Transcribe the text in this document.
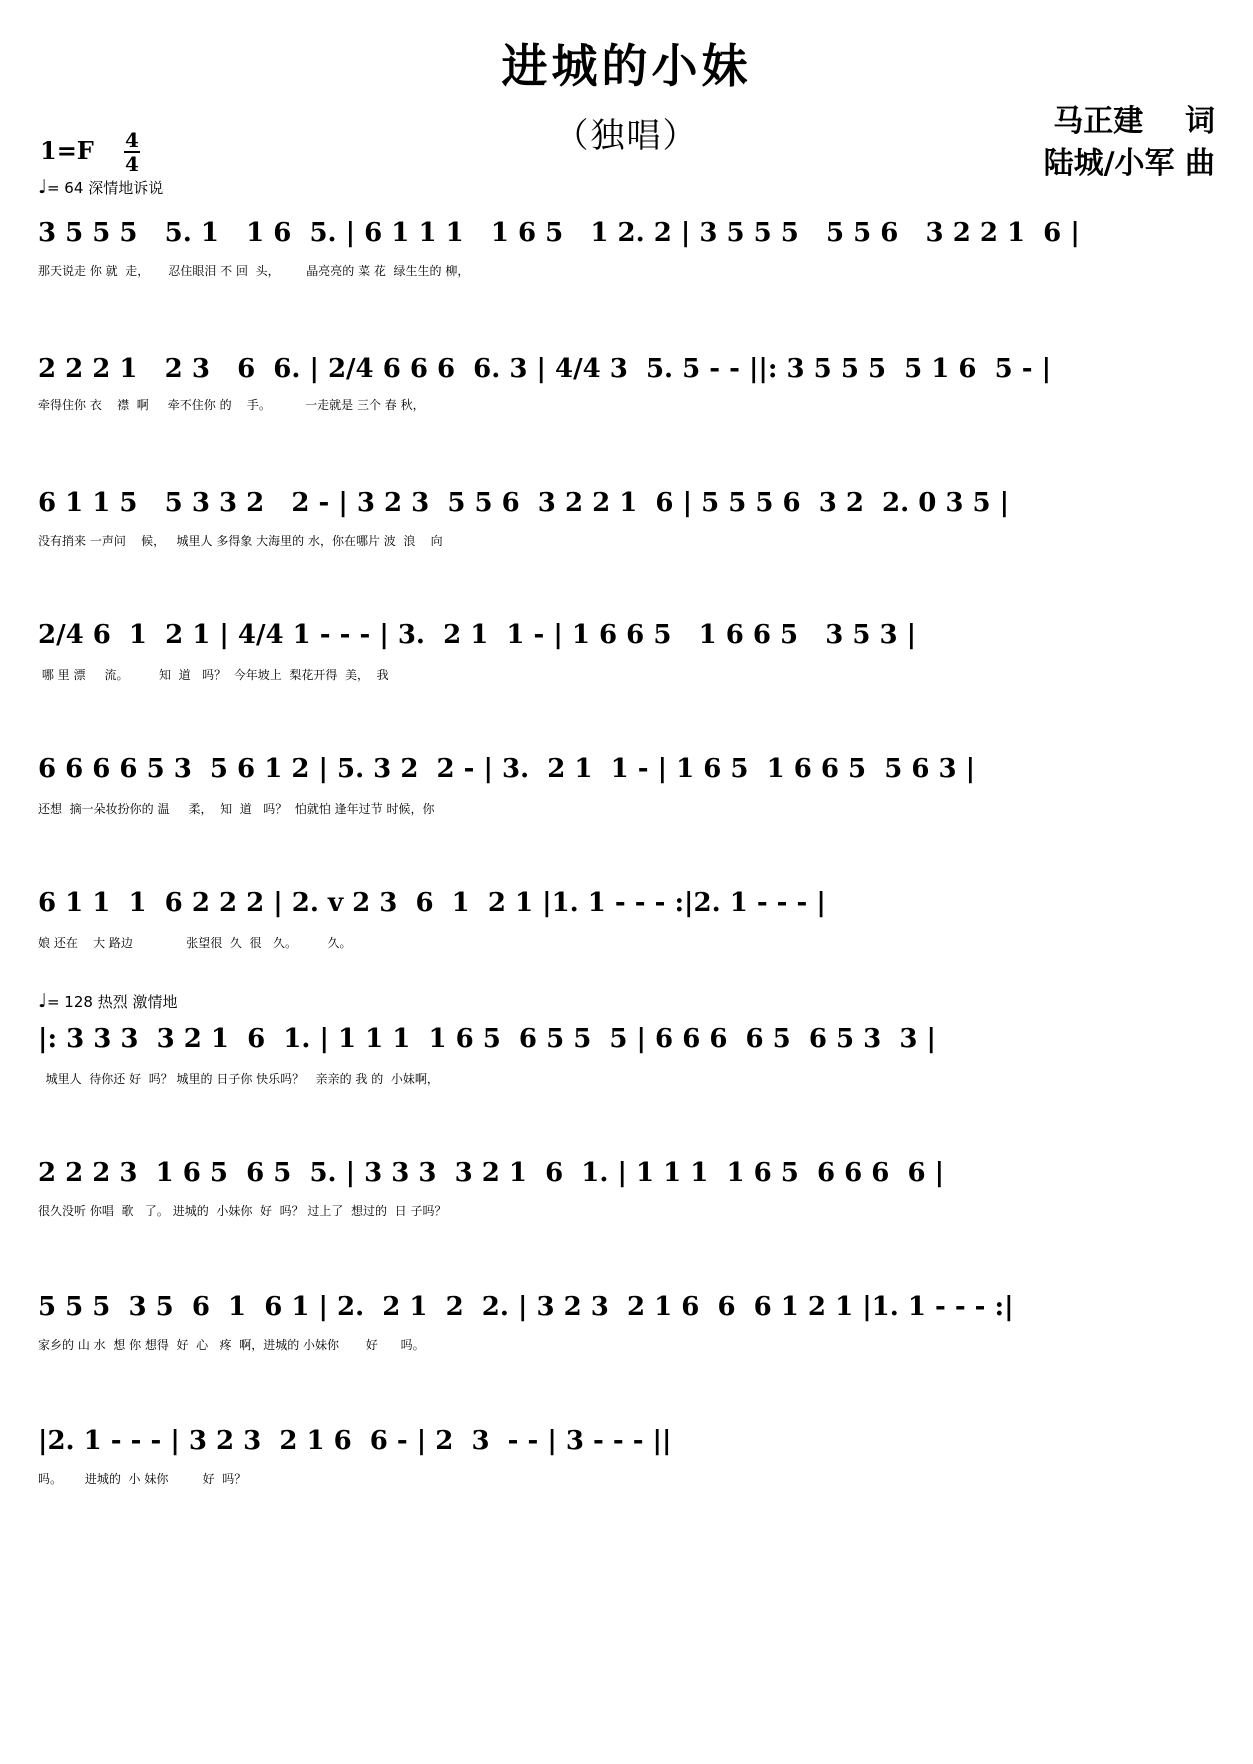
进城的小妹
（独唱）	马正建    词
陆城/小军 曲
1=F 4
4
♩= 64 深情地诉说
♩= 128 热烈 激情地
3 5 5 5   5. 1   1 6  5. | 6 1 1 1   1 6 5   1 2. 2 | 3 5 5 5   5 5 6   3 2 2 1  6 |
那天说走 你 就  走，     忍住眼泪 不 回  头，       晶亮亮的 菜 花  绿生生的 柳，
2 2 2 1   2 3   6  6. | 2/4 6 6 6  6. 3 | 4/4 3  5. 5 - - ||: 3 5 5 5  5 1 6  5 - |
牵得住你 衣    襟  啊     牵不住你 的    手。         一走就是 三个 春 秋，
6 1 1 5   5 3 3 2   2 - | 3 2 3  5 5 6  3 2 2 1  6 | 5 5 5 6  3 2  2. 0 3 5 |
没有捎来 一声问    候，   城里人 多得象 大海里的 水，你在哪片 波  浪    向
2/4 6  1  2 1 | 4/4 1 - - - | 3.  2 1  1 - | 1 6 6 5   1 6 6 5   3 5 3 |
哪 里 漂     流。        知  道   吗？  今年坡上  梨花开得  美，  我
6 6 6 6 5 3  5 6 1 2 | 5. 3 2  2 - | 3.  2 1  1 - | 1 6 5  1 6 6 5  5 6 3 |
还想  摘一朵妆扮你的 温     柔，  知  道   吗？  怕就怕 逢年过节 时候，你
6 1 1  1  6 2 2 2 | 2. v 2 3  6  1  2 1 |1. 1 - - - :|2. 1 - - - |
娘 还在    大 路边              张望很  久  很   久。        久。
|: 3 3 3  3 2 1  6  1. | 1 1 1  1 6 5  6 5 5  5 | 6 6 6  6 5  6 5 3  3 |
城里人  待你还 好  吗？ 城里的 日子你 快乐吗？   亲亲的 我 的  小妹啊，
2 2 2 3  1 6 5  6 5  5. | 3 3 3  3 2 1  6  1. | 1 1 1  1 6 5  6 6 6  6 |
很久没听 你唱  歌   了。 进城的  小妹你  好  吗？ 过上了  想过的  日 子吗？
5 5 5  3 5  6  1  6 1 | 2.  2 1  2  2. | 3 2 3  2 1 6  6  6 1 2 1 |1. 1 - - - :|
家乡的 山 水  想 你 想得  好  心   疼  啊，进城的 小妹你       好      吗。
|2. 1 - - - | 3 2 3  2 1 6  6 - | 2  3  - - | 3 - - - ||
吗。      进城的  小 妹你         好  吗？
